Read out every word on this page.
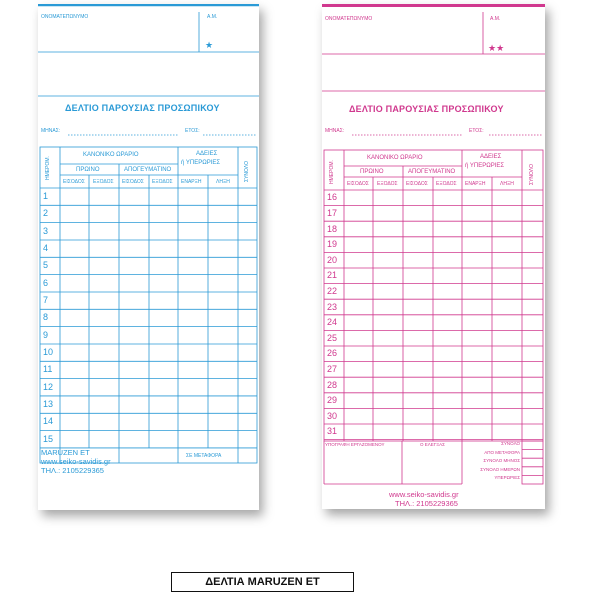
ΟΝΟΜΑΤΕΠΩΝΥΜΟ	Α.Μ.
★
ΔΕΛΤΙΟ ΠΑΡΟΥΣΙΑΣ ΠΡΟΣΩΠΙΚΟΥ
ΜΗΝΑΣ:	ΕΤΟΣ:
ΗΜΕΡΟΜ.
ΚΑΝΟΝΙΚΟ ΩΡΑΡΙΟ
ΠΡΩΙΝΟ	ΑΠΟΓΕΥΜΑΤΙΝΟ
ΕΙΣΟΔΟΣ ΕΞΟΔΟΣ ΕΙΣΟΔΟΣ ΕΞΟΔΟΣ
ΑΔΕΙΕΣ
ή ΥΠΕΡΩΡΙΕΣ
ΕΝΑΡΞΗ	ΛΗΞΗ	ΣΥΝΟΛΟ
1
2
3
4
5
6
7
8
9
10
11
12
13
14
15
ΣΕ ΜΕΤΑΦΟΡΑ
MARUZEN ET
www.seiko-savidis.gr
ΤΗΛ.: 2105229365
ΟΝΟΜΑΤΕΠΩΝΥΜΟ	Α.Μ.
★★
ΔΕΛΤΙΟ ΠΑΡΟΥΣΙΑΣ ΠΡΟΣΩΠΙΚΟΥ
ΜΗΝΑΣ:	ΕΤΟΣ:
ΗΜΕΡΟΜ.
ΚΑΝΟΝΙΚΟ ΩΡΑΡΙΟ
ΠΡΩΙΝΟ	ΑΠΟΓΕΥΜΑΤΙΝΟ
ΕΙΣΟΔΟΣ ΕΞΟΔΟΣ ΕΙΣΟΔΟΣ ΕΞΟΔΟΣ
ΑΔΕΙΕΣ
ή ΥΠΕΡΩΡΙΕΣ
ΕΝΑΡΞΗ	ΛΗΞΗ	ΣΥΝΟΛΟ
16
17
18
19
20
21
22
23
24
25
26
27
28
29
30
31
ΥΠΟΓΡΑΦΗ ΕΡΓΑΖΟΜΕΝΟΥ	Ο ΕΛΕΓΞΑΣ	ΣΥΝΟΛΟ
ΑΠΟ ΜΕΤΑΦΟΡΑ
ΣΥΝΟΛΟ ΜΗΝΟΣ
ΣΥΝΟΛΟ ΗΜΕΡΩΝ
ΥΠΕΡΩΡΙΕΣ
www.seiko-savidis.gr
ΤΗΛ.: 2105229365
ΔΕΛΤΙΑ MARUZEN ET
